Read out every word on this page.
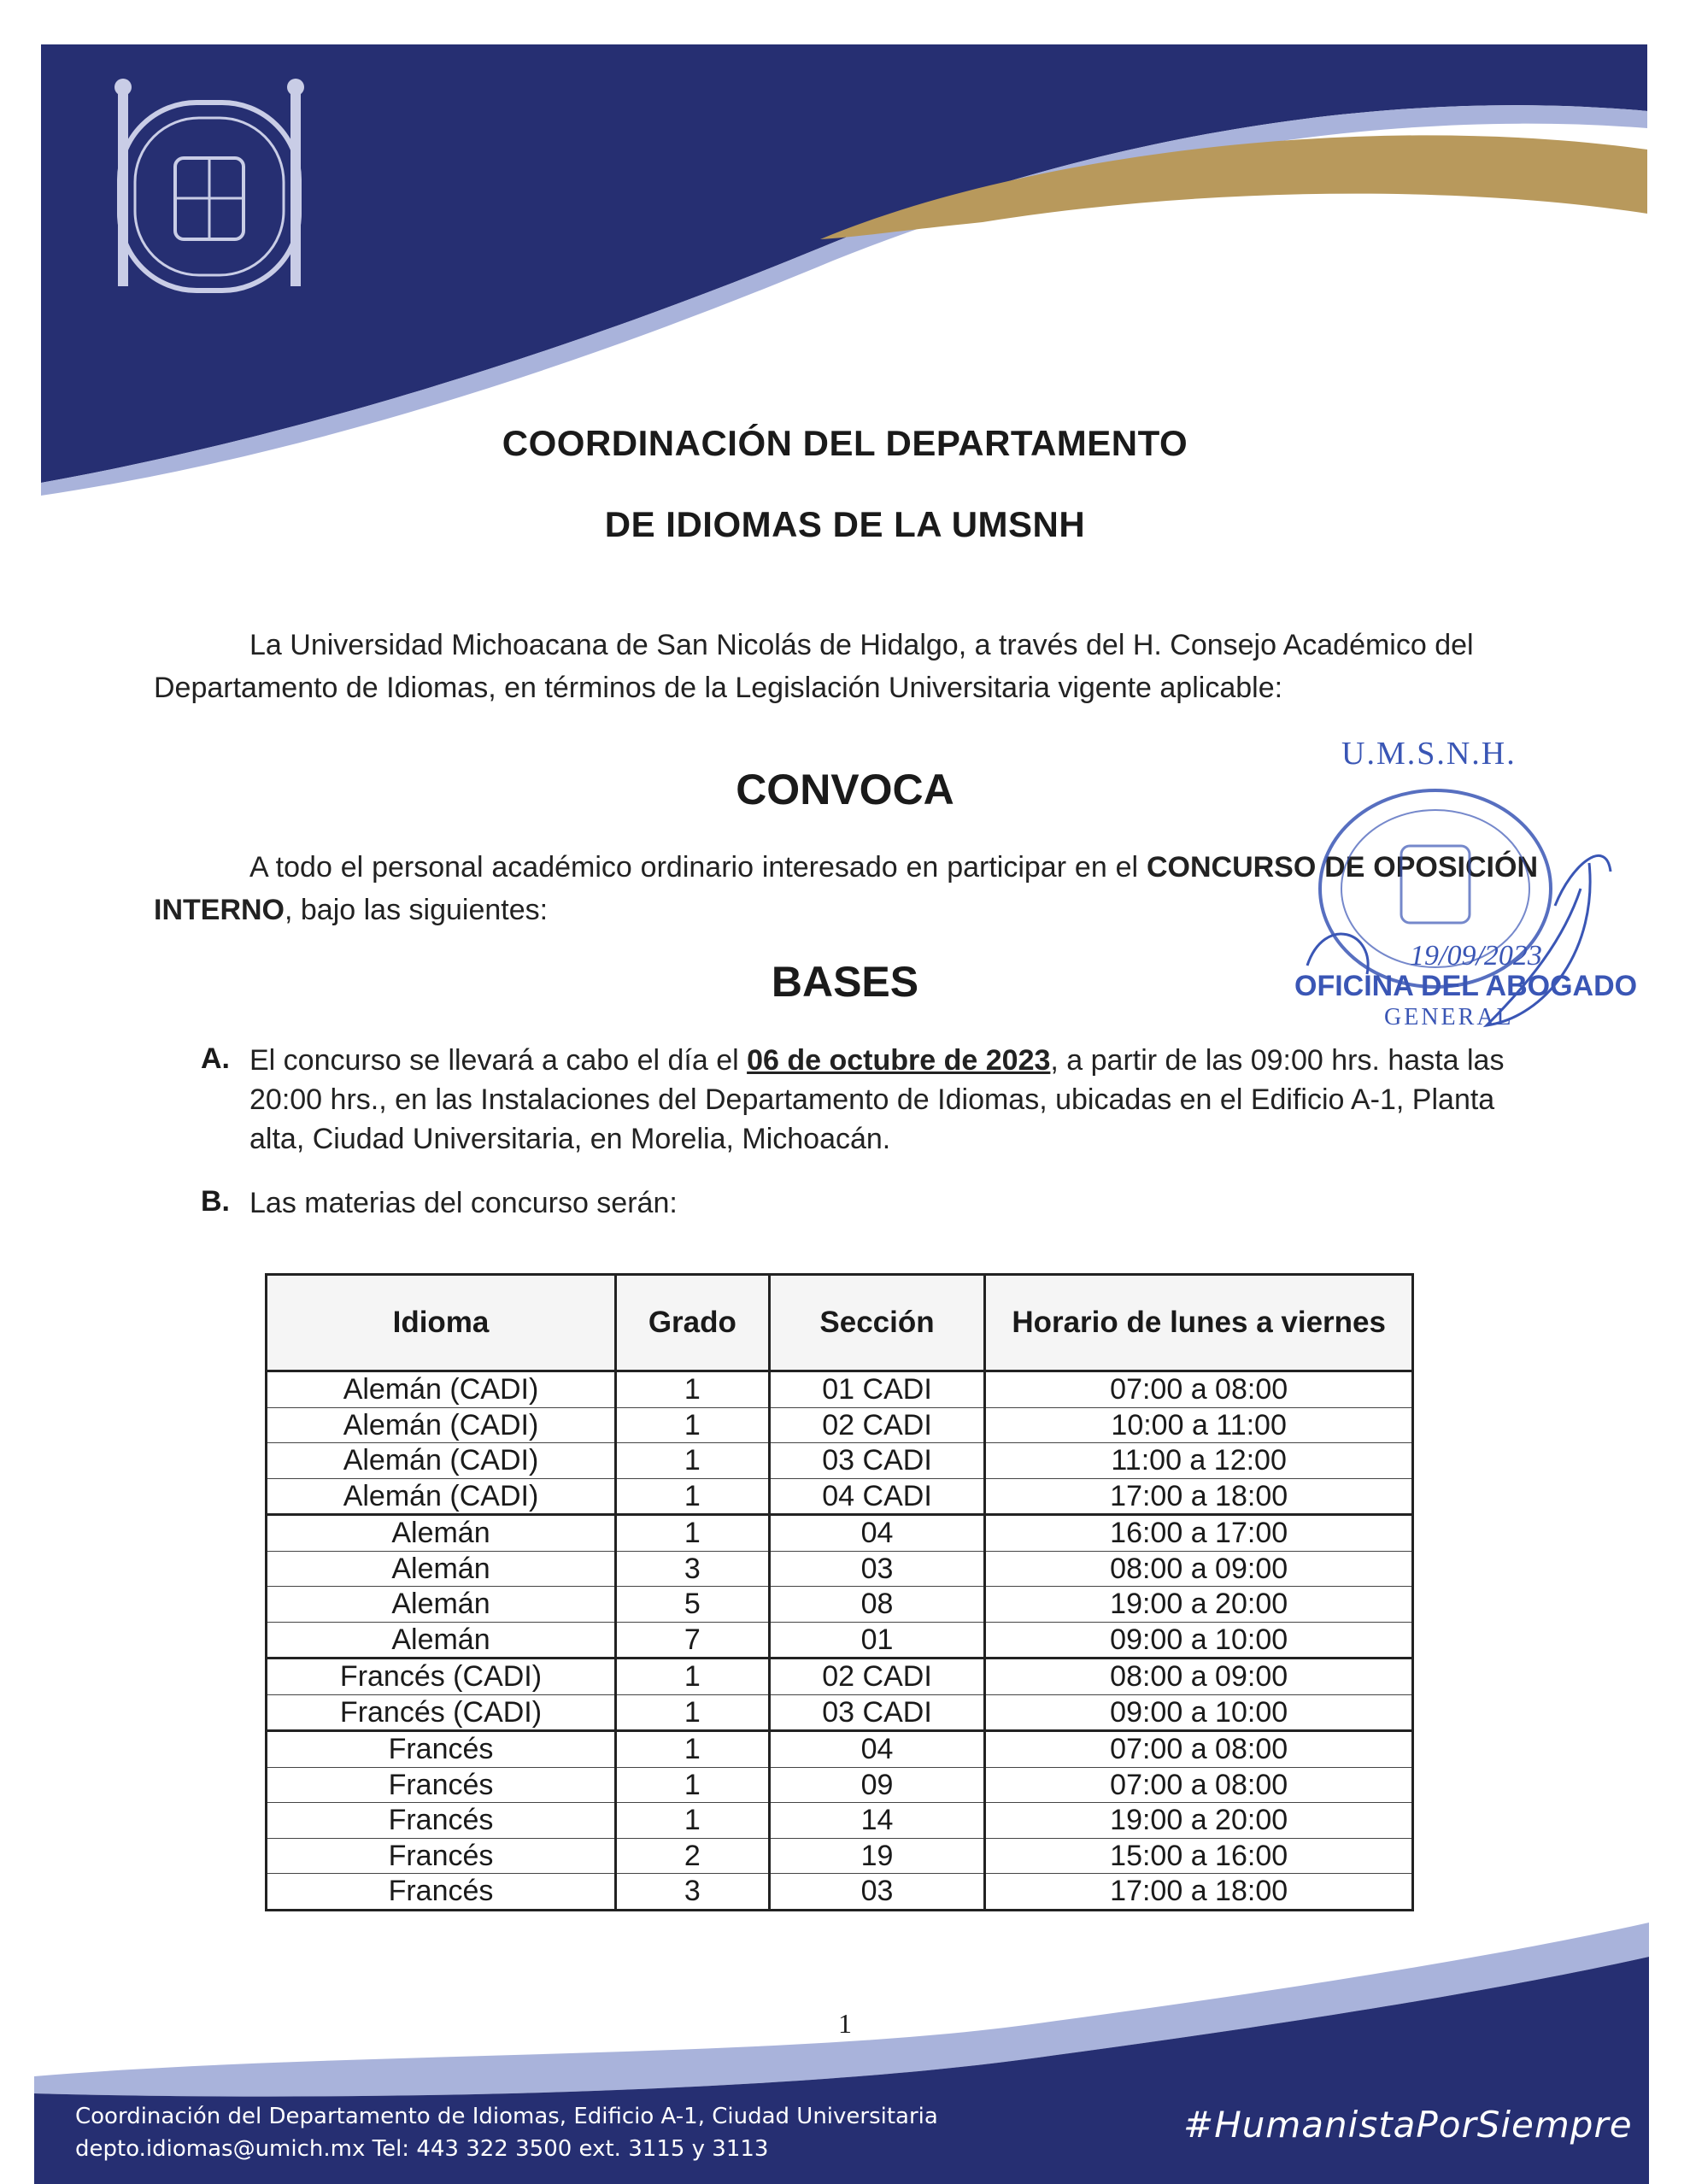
COORDINACIÓN DEL DEPARTAMENTO
DE IDIOMAS DE LA UMSNH

La Universidad Michoacana de San Nicolás de Hidalgo, a través del H. Consejo Académico del Departamento de Idiomas, en términos de la Legislación Universitaria vigente aplicable:

CONVOCA

A todo el personal académico ordinario interesado en participar en el CONCURSO DE OPOSICIÓN INTERNO, bajo las siguientes:

BASES
A. El concurso se llevará a cabo el día el 06 de octubre de 2023, a partir de las 09:00 hrs. hasta las 20:00 hrs., en las Instalaciones del Departamento de Idiomas, ubicadas en el Edificio A-1, Planta alta, Ciudad Universitaria, en Morelia, Michoacán.
B. Las materias del concurso serán:
U.M.S.N.H.
19/09/2023
OFICINA DEL ABOGADO
GENERAL
Idioma	Grado	Sección	Horario de lunes a viernes
Alemán (CADI)	1	01 CADI	07:00 a 08:00
Alemán (CADI)	1	02 CADI	10:00 a 11:00
Alemán (CADI)	1	03 CADI	11:00 a 12:00
Alemán (CADI)	1	04 CADI	17:00 a 18:00
Alemán	1	04	16:00 a 17:00
Alemán	3	03	08:00 a 09:00
Alemán	5	08	19:00 a 20:00
Alemán	7	01	09:00 a 10:00
Francés (CADI)	1	02 CADI	08:00 a 09:00
Francés (CADI)	1	03 CADI	09:00 a 10:00
Francés	1	04	07:00 a 08:00
Francés	1	09	07:00 a 08:00
Francés	1	14	19:00 a 20:00
Francés	2	19	15:00 a 16:00
Francés	3	03	17:00 a 18:00
1
Coordinación del Departamento de Idiomas, Edificio A-1, Ciudad Universitaria
depto.idiomas@umich.mx Tel: 443 322 3500 ext. 3115 y 3113
#HumanistaPorSiempre
